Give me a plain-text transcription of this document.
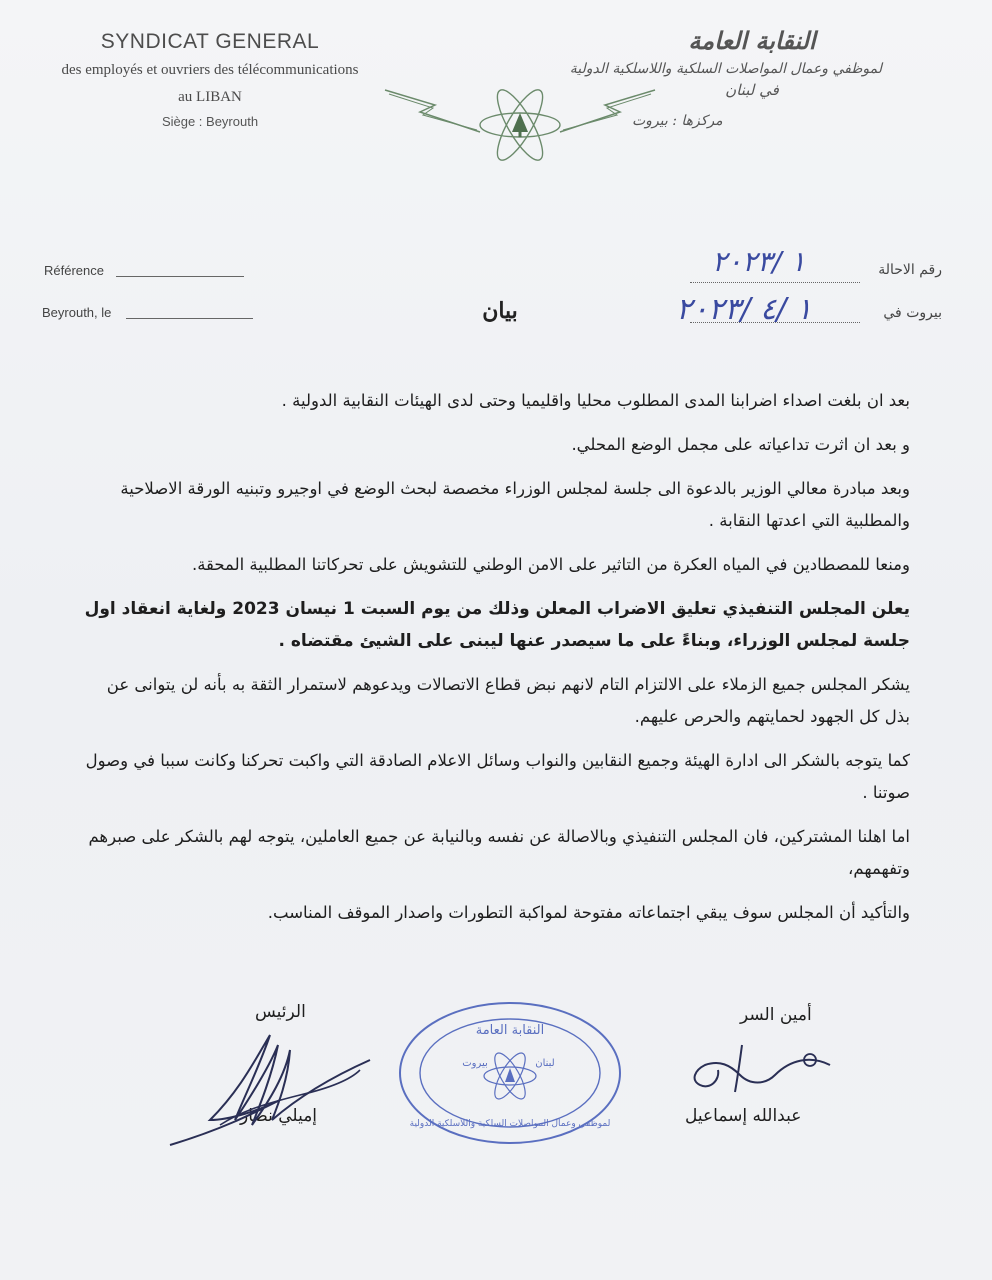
SYNDICAT GENERAL
des employés et ouvriers des télécommunications
au LIBAN
Siège : Beyrouth
النقابة العامة
لموظفي وعمال المواصلات السلكية واللاسلكية الدولية
في لبنان
مركزها : بيروت
Référence
Beyrouth, le
رقم الاحالة
بيروت في
١ /٢٠٢٣
١ /٤ /٢٠٢٣
بيان

بعد ان بلغت اصداء اضرابنا المدى المطلوب محليا واقليميا وحتى لدى الهيئات النقابية الدولية .

و بعد ان اثرت تداعياته على مجمل الوضع المحلي.

وبعد مبادرة معالي الوزير بالدعوة الى جلسة لمجلس الوزراء مخصصة لبحث الوضع في اوجيرو وتبنيه الورقة الاصلاحية والمطلبية التي اعدتها النقابة .

ومنعا للمصطادين في المياه العكرة من التاثير على الامن الوطني للتشويش على تحركاتنا المطلبية المحقة.

يعلن المجلس التنفيذي تعليق الاضراب المعلن وذلك من يوم السبت 1 نيسان 2023 ولغاية انعقاد اول جلسة لمجلس الوزراء، وبناءً على ما سيصدر عنها ليبنى على الشيئ مقتضاه .

يشكر المجلس جميع الزملاء على الالتزام التام لانهم نبض قطاع الاتصالات ويدعوهم لاستمرار الثقة به بأنه لن يتوانى عن بذل كل الجهود لحمايتهم والحرص عليهم.

كما يتوجه بالشكر الى ادارة الهيئة وجميع النقابين والنواب وسائل الاعلام الصادقة التي واكبت تحركنا وكانت سببا في وصول صوتنا .

اما اهلنا المشتركين، فان المجلس التنفيذي وبالاصالة عن نفسه وبالنيابة عن جميع العاملين، يتوجه لهم بالشكر على صبرهم وتفهمهم،

والتأكيد أن المجلس سوف يبقي اجتماعاته مفتوحة لمواكبة التطورات واصدار الموقف المناسب.

الرئيس
إميلي نصار
أمين السر
عبدالله إسماعيل
النقابة العامة
بيروت	لبنان
لموظفي وعمال المواصلات السلكية واللاسلكية الدولية
